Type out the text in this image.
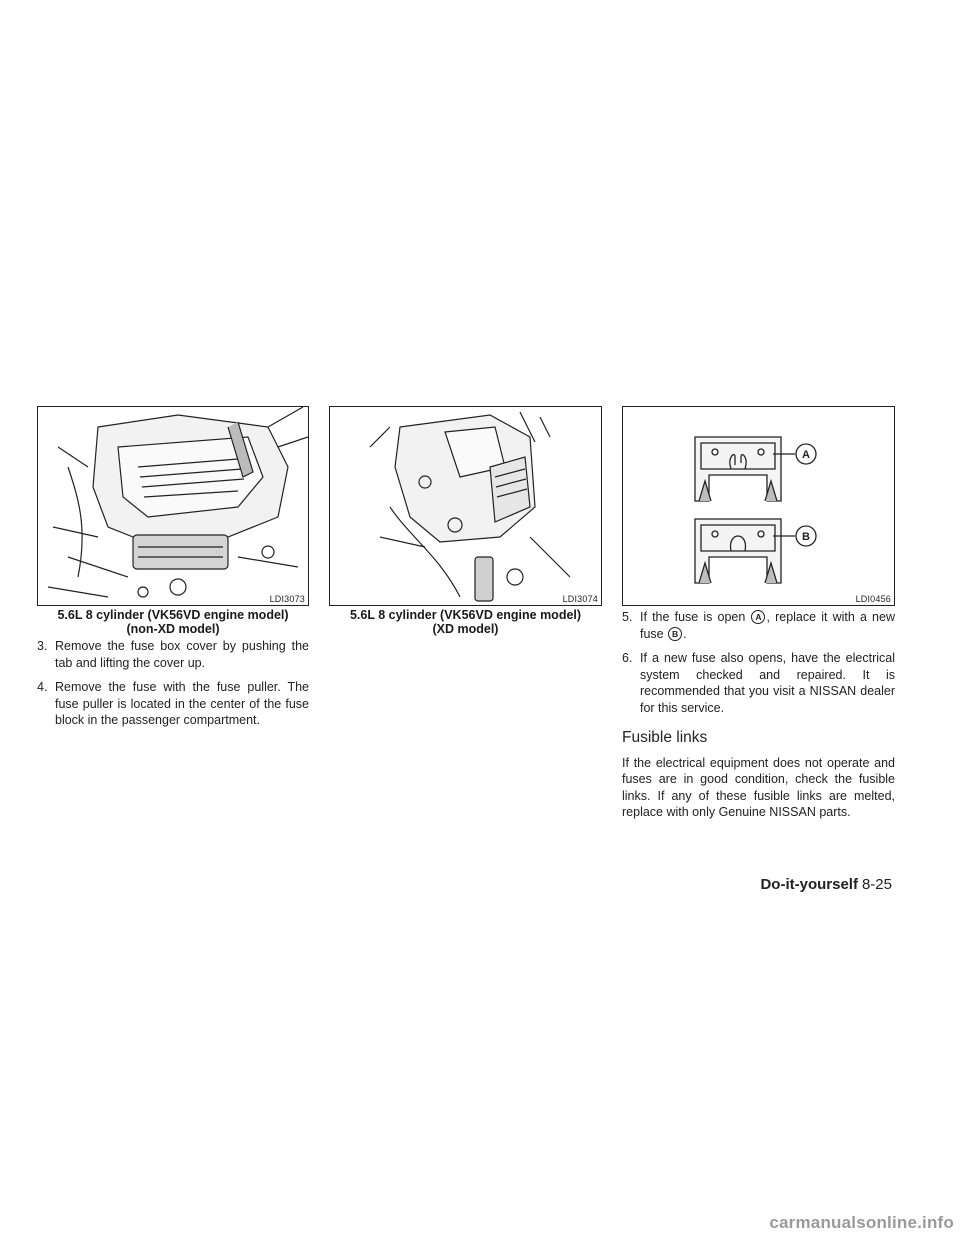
LDI3073
5.6L 8 cylinder (VK56VD engine model)
(non-XD model)
LDI3074
5.6L 8 cylinder (VK56VD engine model)
(XD model)
A
B
LDI0456
3. Remove the fuse box cover by pushing the tab and lifting the cover up.
4. Remove the fuse with the fuse puller. The fuse puller is located in the center of the fuse block in the passenger compartment.
5. If the fuse is open A , replace it with a new fuse B .
6. If a new fuse also opens, have the electrical system checked and repaired. It is recommended that you visit a NISSAN dealer for this service.
Fusible links

If the electrical equipment does not operate and fuses are in good condition, check the fusible links. If any of these fusible links are melted, replace with only Genuine NISSAN parts.

Do-it-yourself 8-25
carmanualsonline.info
